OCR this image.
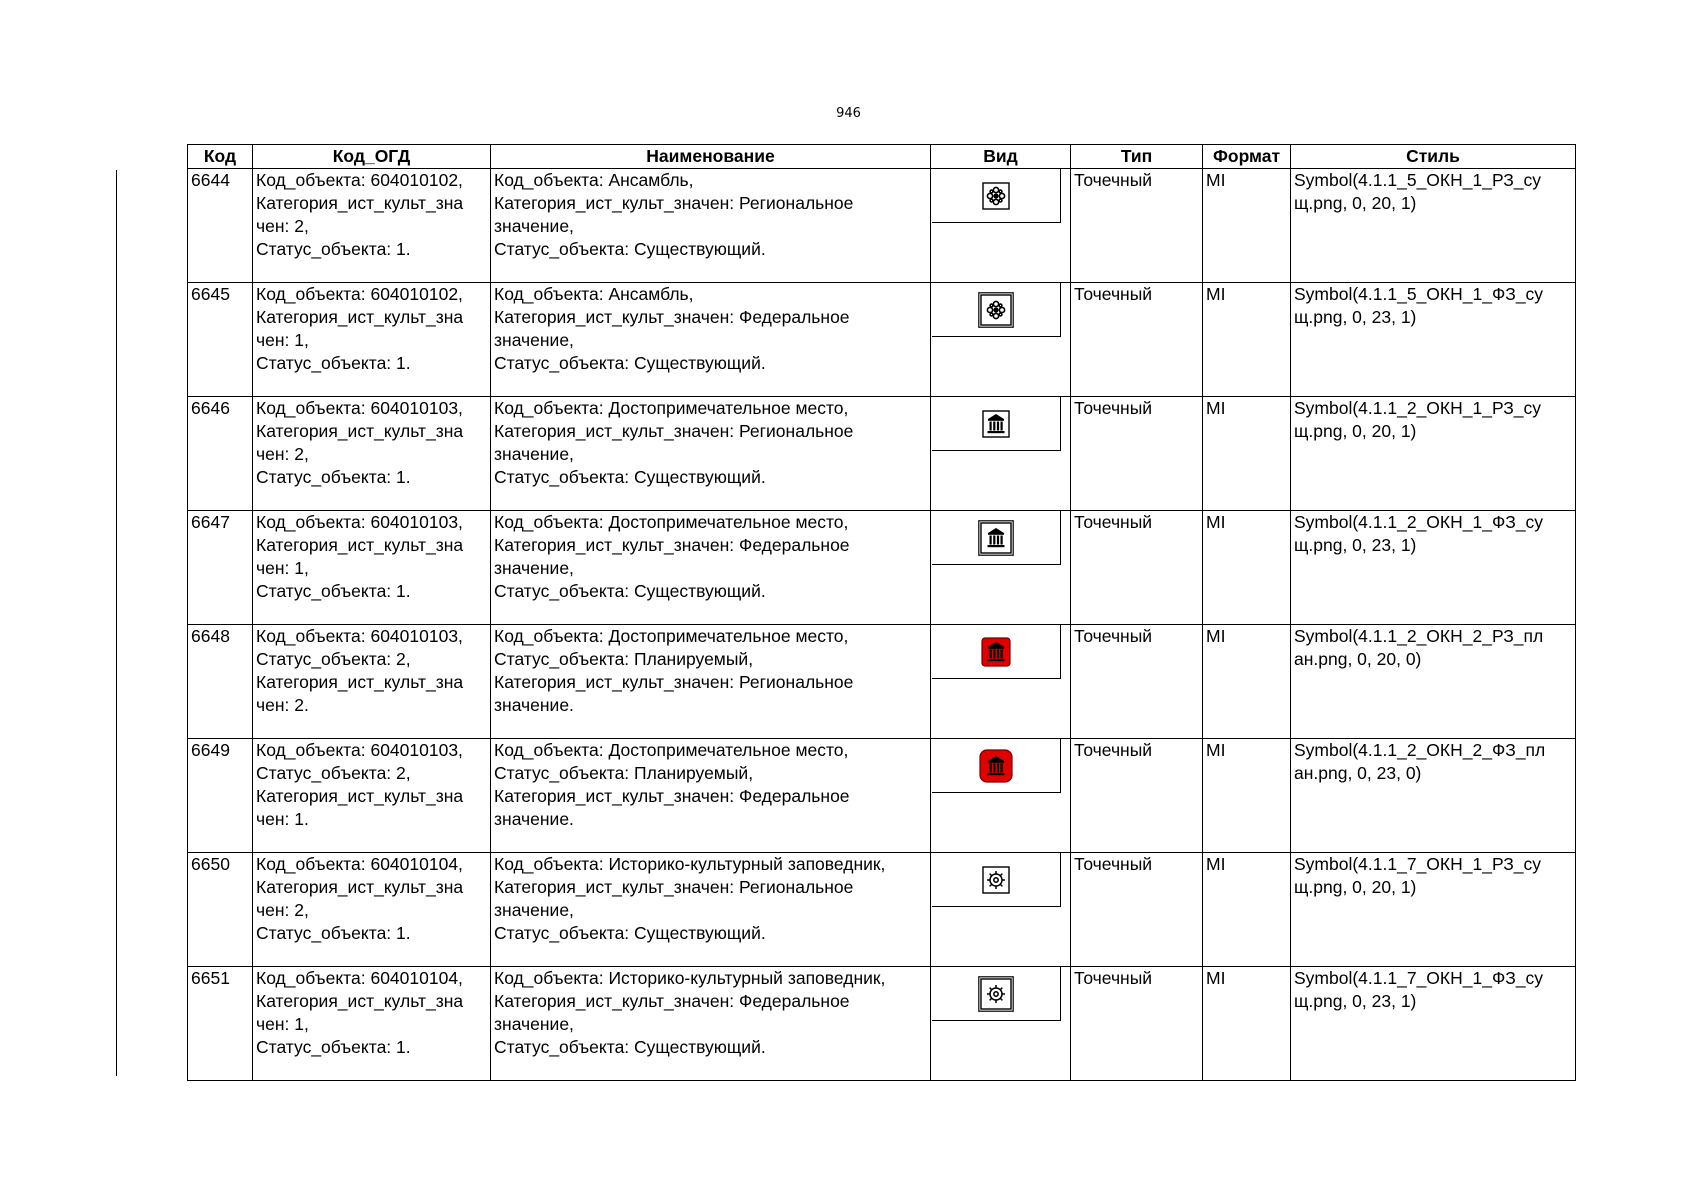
946
Код	Код_ОГД	Наименование	Вид	Тип	Формат	Стиль

6644	Код_объекта: 604010102,
Категория_ист_культ_зна
чен: 2,
Статус_объекта: 1.	Код_объекта: Ансамбль,
Категория_ист_культ_значен: Региональное
значение,
Статус_объекта: Существующий.		Точечный	MI	Symbol(4.1.1_5_ОКН_1_РЗ_су
щ.png, 0, 20, 1)

6645	Код_объекта: 604010102,
Категория_ист_культ_зна
чен: 1,
Статус_объекта: 1.	Код_объекта: Ансамбль,
Категория_ист_культ_значен: Федеральное
значение,
Статус_объекта: Существующий.		Точечный	MI	Symbol(4.1.1_5_ОКН_1_ФЗ_су
щ.png, 0, 23, 1)

6646	Код_объекта: 604010103,
Категория_ист_культ_зна
чен: 2,
Статус_объекта: 1.	Код_объекта: Достопримечательное место,
Категория_ист_культ_значен: Региональное
значение,
Статус_объекта: Существующий.		Точечный	MI	Symbol(4.1.1_2_ОКН_1_РЗ_су
щ.png, 0, 20, 1)

6647	Код_объекта: 604010103,
Категория_ист_культ_зна
чен: 1,
Статус_объекта: 1.	Код_объекта: Достопримечательное место,
Категория_ист_культ_значен: Федеральное
значение,
Статус_объекта: Существующий.		Точечный	MI	Symbol(4.1.1_2_ОКН_1_ФЗ_су
щ.png, 0, 23, 1)

6648	Код_объекта: 604010103,
Статус_объекта: 2,
Категория_ист_культ_зна
чен: 2.	Код_объекта: Достопримечательное место,
Статус_объекта: Планируемый,
Категория_ист_культ_значен: Региональное
значение.		Точечный	MI	Symbol(4.1.1_2_ОКН_2_РЗ_пл
ан.png, 0, 20, 0)

6649	Код_объекта: 604010103,
Статус_объекта: 2,
Категория_ист_культ_зна
чен: 1.	Код_объекта: Достопримечательное место,
Статус_объекта: Планируемый,
Категория_ист_культ_значен: Федеральное
значение.		Точечный	MI	Symbol(4.1.1_2_ОКН_2_ФЗ_пл
ан.png, 0, 23, 0)

6650	Код_объекта: 604010104,
Категория_ист_культ_зна
чен: 2,
Статус_объекта: 1.	Код_объекта: Историко-культурный заповедник,
Категория_ист_культ_значен: Региональное
значение,
Статус_объекта: Существующий.		Точечный	MI	Symbol(4.1.1_7_ОКН_1_РЗ_су
щ.png, 0, 20, 1)

6651	Код_объекта: 604010104,
Категория_ист_культ_зна
чен: 1,
Статус_объекта: 1.	Код_объекта: Историко-культурный заповедник,
Категория_ист_культ_значен: Федеральное
значение,
Статус_объекта: Существующий.		Точечный	MI	Symbol(4.1.1_7_ОКН_1_ФЗ_су
щ.png, 0, 23, 1)
